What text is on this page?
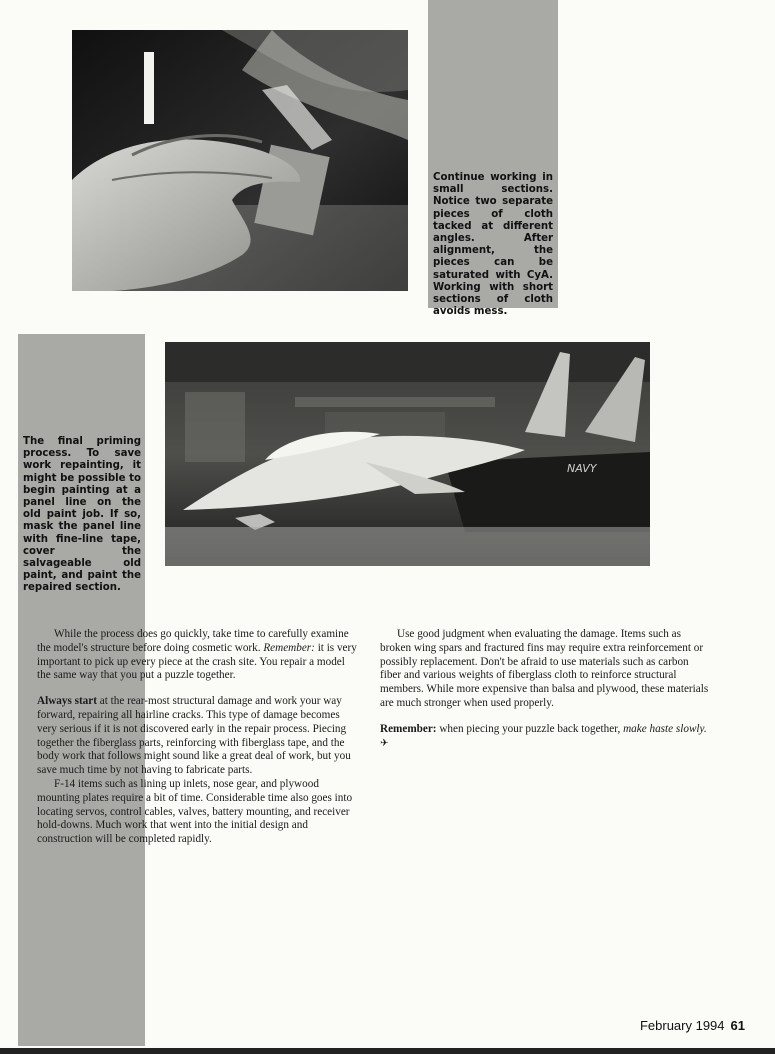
Continue working in small sections. Notice two separate pieces of cloth tacked at different angles. After alignment, the pieces can be saturated with CyA. Working with short sections of cloth avoids mess.
NAVY
The final priming process. To save work repainting, it might be possible to begin painting at a panel line on the old paint job. If so, mask the panel line with fine-line tape, cover the salvageable old paint, and paint the repaired section.

While the process does go quickly, take time to carefully examine the model's structure before doing cosmetic work. Remember: it is very important to pick up every piece at the crash site. You repair a model the same way that you put a puzzle together.

Always start at the rear-most structural damage and work your way forward, repairing all hairline cracks. This type of damage becomes very serious if it is not discovered early in the repair process. Piecing together the fiberglass parts, reinforcing with fiberglass tape, and the body work that follows might sound like a great deal of work, but you save much time by not having to fabricate parts.

F-14 items such as lining up inlets, nose gear, and plywood mounting plates require a bit of time. Considerable time also goes into locating servos, control cables, valves, battery mounting, and receiver hold-downs. Much work that went into the initial design and construction will be completed rapidly.

Use good judgment when evaluating the damage. Items such as broken wing spars and fractured fins may require extra reinforcement or possibly replacement. Don't be afraid to use materials such as carbon fiber and various weights of fiberglass cloth to reinforce structural members. While more expensive than balsa and plywood, these materials are much stronger when used properly.

Remember: when piecing your puzzle back together, make haste slowly. ✈

February 1994 61
